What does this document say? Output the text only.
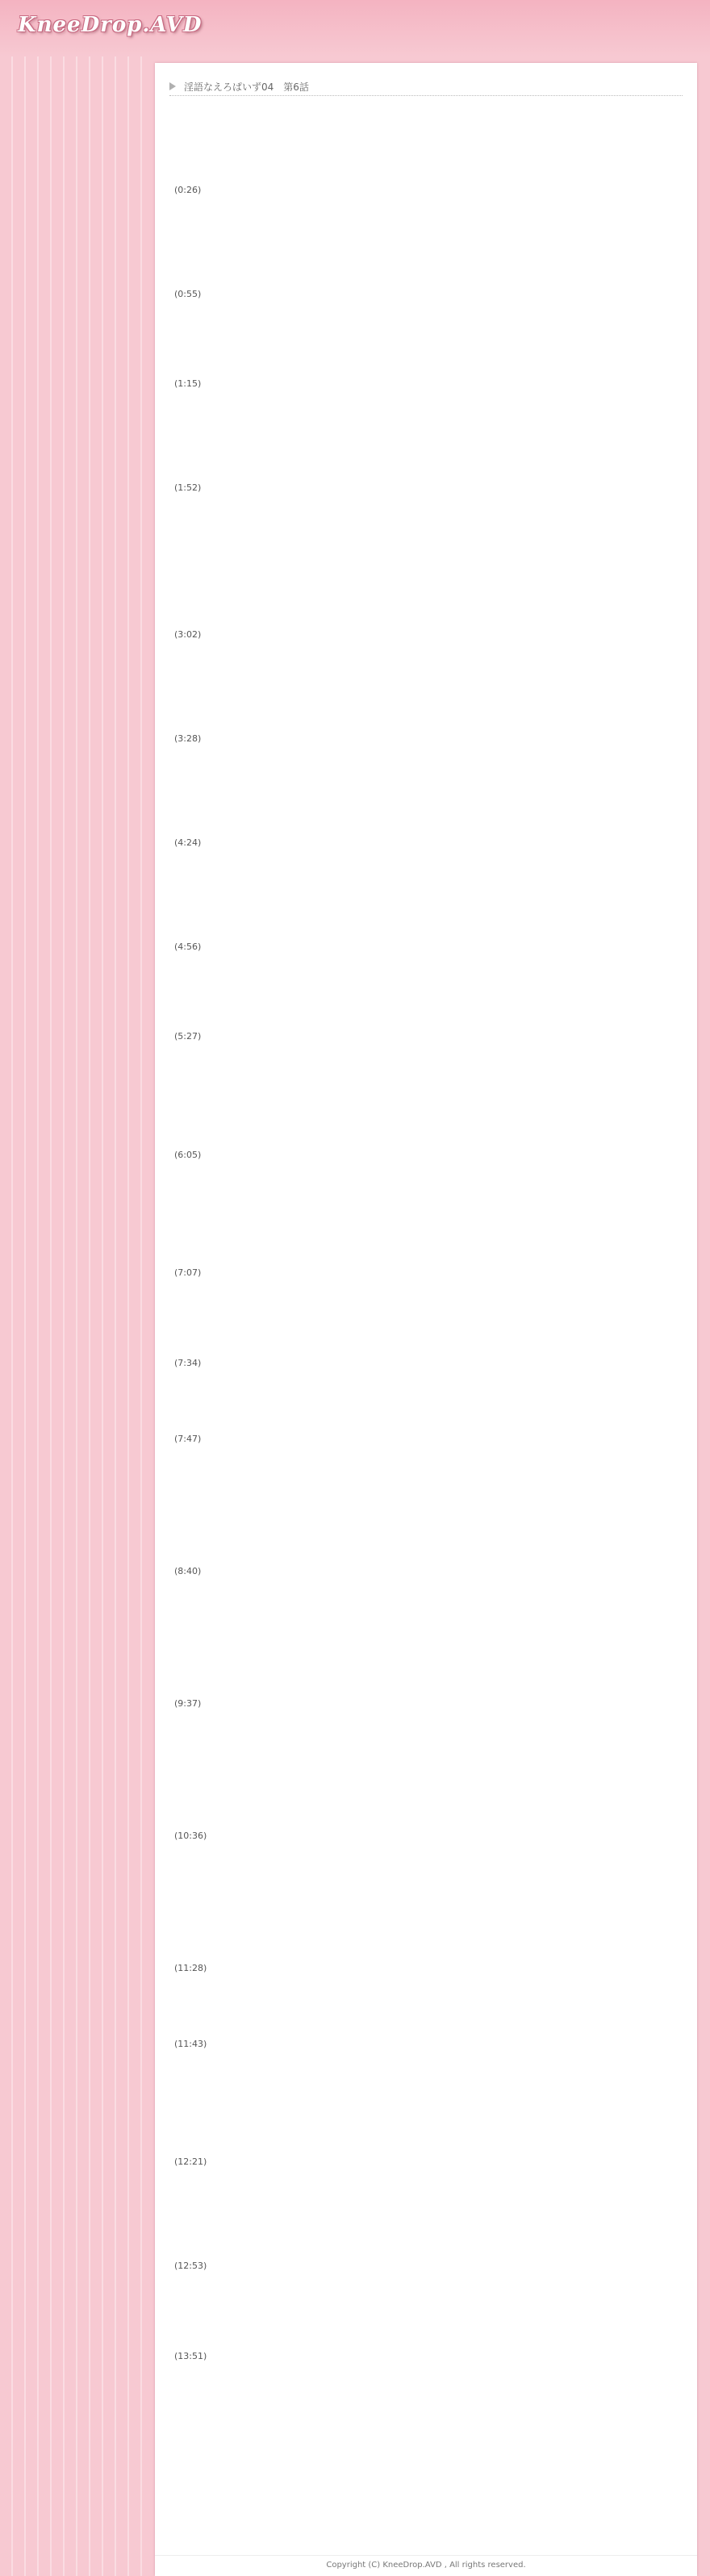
KneeDrop.AVD
淫語なえろぱいず04　第6話
(0:26)
(0:55)
(1:15)
(1:52)
(3:02)
(3:28)
(4:24)
(4:56)
(5:27)
(6:05)
(7:07)
(7:34)
(7:47)
(8:40)
(9:37)
(10:36)
(11:28)
(11:43)
(12:21)
(12:53)
(13:51)
Copyright (C) KneeDrop.AVD , All rights reserved.
